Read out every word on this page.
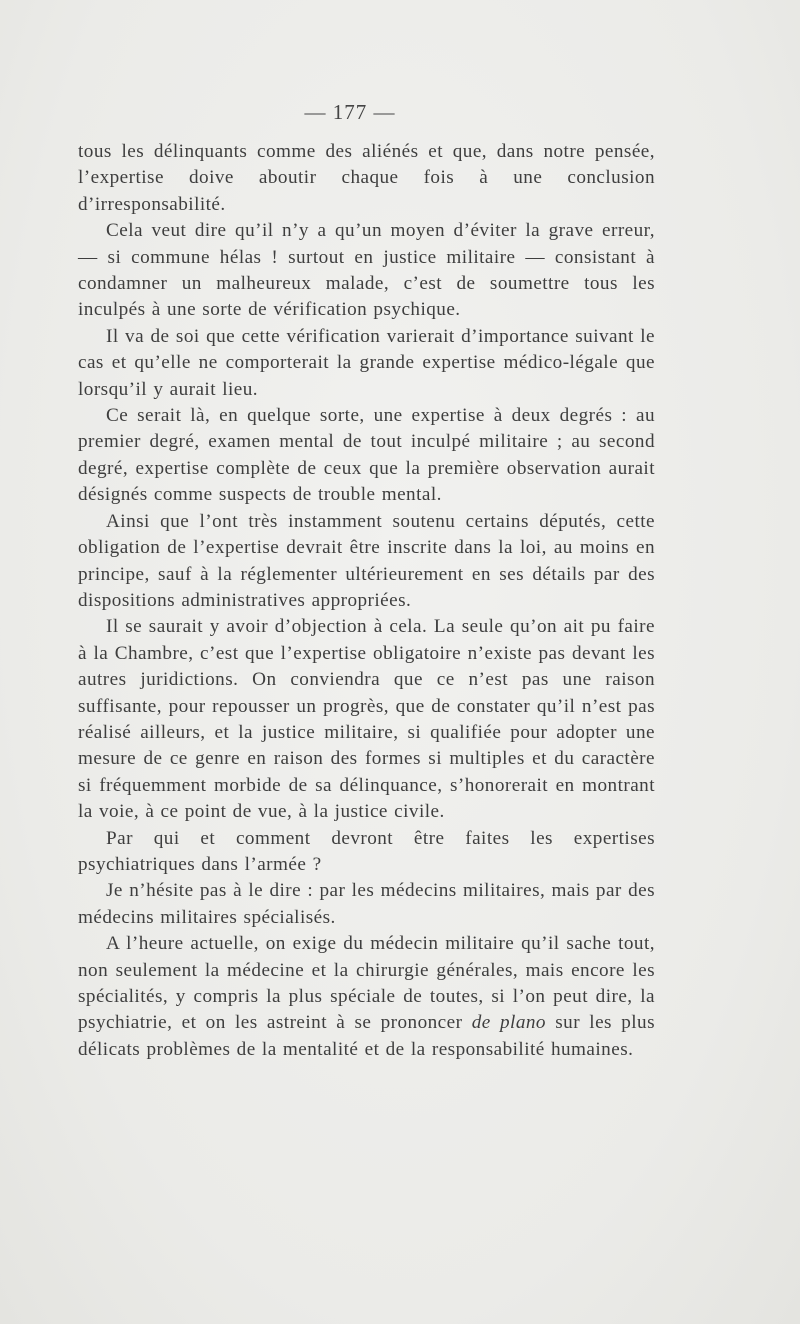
— 177 —

tous les délinquants comme des aliénés et que, dans notre pensée, l’expertise doive aboutir chaque fois à une conclusion d’irresponsabilité.

Cela veut dire qu’il n’y a qu’un moyen d’éviter la grave erreur, — si commune hélas ! surtout en justice militaire — consistant à condamner un malheureux malade, c’est de soumettre tous les inculpés à une sorte de vérification psychique.

Il va de soi que cette vérification varierait d’importance suivant le cas et qu’elle ne comporterait la grande expertise médico-légale que lorsqu’il y aurait lieu.

Ce serait là, en quelque sorte, une expertise à deux degrés : au premier degré, examen mental de tout inculpé militaire ; au second degré, expertise complète de ceux que la première observation aurait désignés comme suspects de trouble mental.

Ainsi que l’ont très instamment soutenu certains députés, cette obligation de l’expertise devrait être inscrite dans la loi, au moins en principe, sauf à la réglementer ultérieurement en ses détails par des dispositions administratives appropriées.

Il se saurait y avoir d’objection à cela. La seule qu’on ait pu faire à la Chambre, c’est que l’expertise obligatoire n’existe pas devant les autres juridictions. On conviendra que ce n’est pas une raison suffisante, pour repousser un progrès, que de constater qu’il n’est pas réalisé ailleurs, et la justice militaire, si qualifiée pour adopter une mesure de ce genre en raison des formes si multiples et du caractère si fréquemment morbide de sa délinquance, s’honorerait en montrant la voie, à ce point de vue, à la justice civile.

Par qui et comment devront être faites les expertises psychiatriques dans l’armée ?

Je n’hésite pas à le dire : par les médecins militaires, mais par des médecins militaires spécialisés.

A l’heure actuelle, on exige du médecin militaire qu’il sache tout, non seulement la médecine et la chirurgie générales, mais encore les spécialités, y compris la plus spéciale de toutes, si l’on peut dire, la psychiatrie, et on les astreint à se prononcer de plano sur les plus délicats problèmes de la mentalité et de la responsabilité humaines.
